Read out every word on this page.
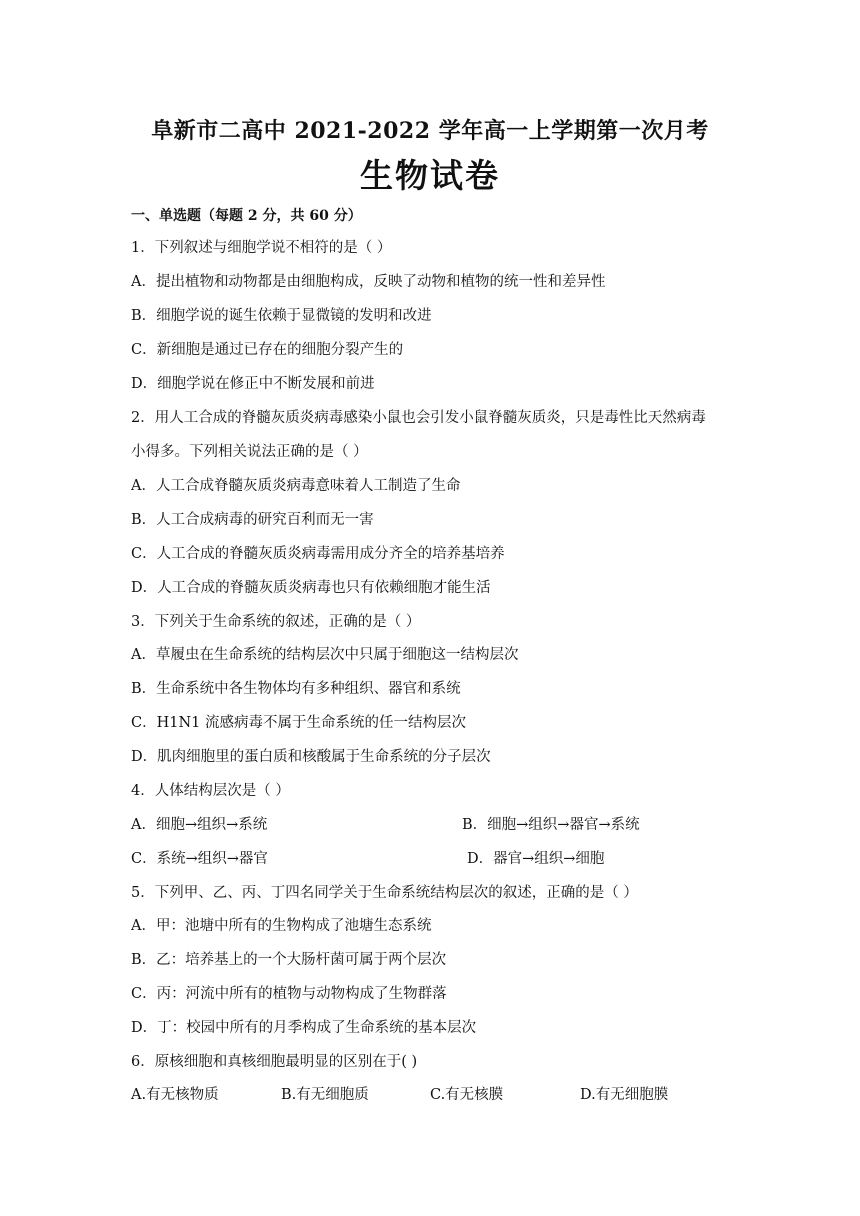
阜新市二高中 2021-2022 学年高一上学期第一次月考
生物试卷
一、单选题（每题 2 分，共 60 分）
1．下列叙述与细胞学说不相符的是（ ）
A．提出植物和动物都是由细胞构成，反映了动物和植物的统一性和差异性
B．细胞学说的诞生依赖于显微镜的发明和改进
C．新细胞是通过已存在的细胞分裂产生的
D．细胞学说在修正中不断发展和前进
2．用人工合成的脊髓灰质炎病毒感染小鼠也会引发小鼠脊髓灰质炎，只是毒性比天然病毒
小得多。下列相关说法正确的是（ ）
A．人工合成脊髓灰质炎病毒意味着人工制造了生命
B．人工合成病毒的研究百利而无一害
C．人工合成的脊髓灰质炎病毒需用成分齐全的培养基培养
D．人工合成的脊髓灰质炎病毒也只有依赖细胞才能生活
3．下列关于生命系统的叙述，正确的是（ ）
A．草履虫在生命系统的结构层次中只属于细胞这一结构层次
B．生命系统中各生物体均有多种组织、器官和系统
C．H1N1 流感病毒不属于生命系统的任一结构层次
D．肌肉细胞里的蛋白质和核酸属于生命系统的分子层次
4．人体结构层次是（ ）
A．细胞→组织→系统	B．细胞→组织→器官→系统
C．系统→组织→器官	D．器官→组织→细胞
5．下列甲、乙、丙、丁四名同学关于生命系统结构层次的叙述，正确的是（ ）
A．甲：池塘中所有的生物构成了池塘生态系统
B．乙：培养基上的一个大肠杆菌可属于两个层次
C．丙：河流中所有的植物与动物构成了生物群落
D．丁：校园中所有的月季构成了生命系统的基本层次
6．原核细胞和真核细胞最明显的区别在于( )
A.有无核物质	B.有无细胞质	C.有无核膜	D.有无细胞膜
